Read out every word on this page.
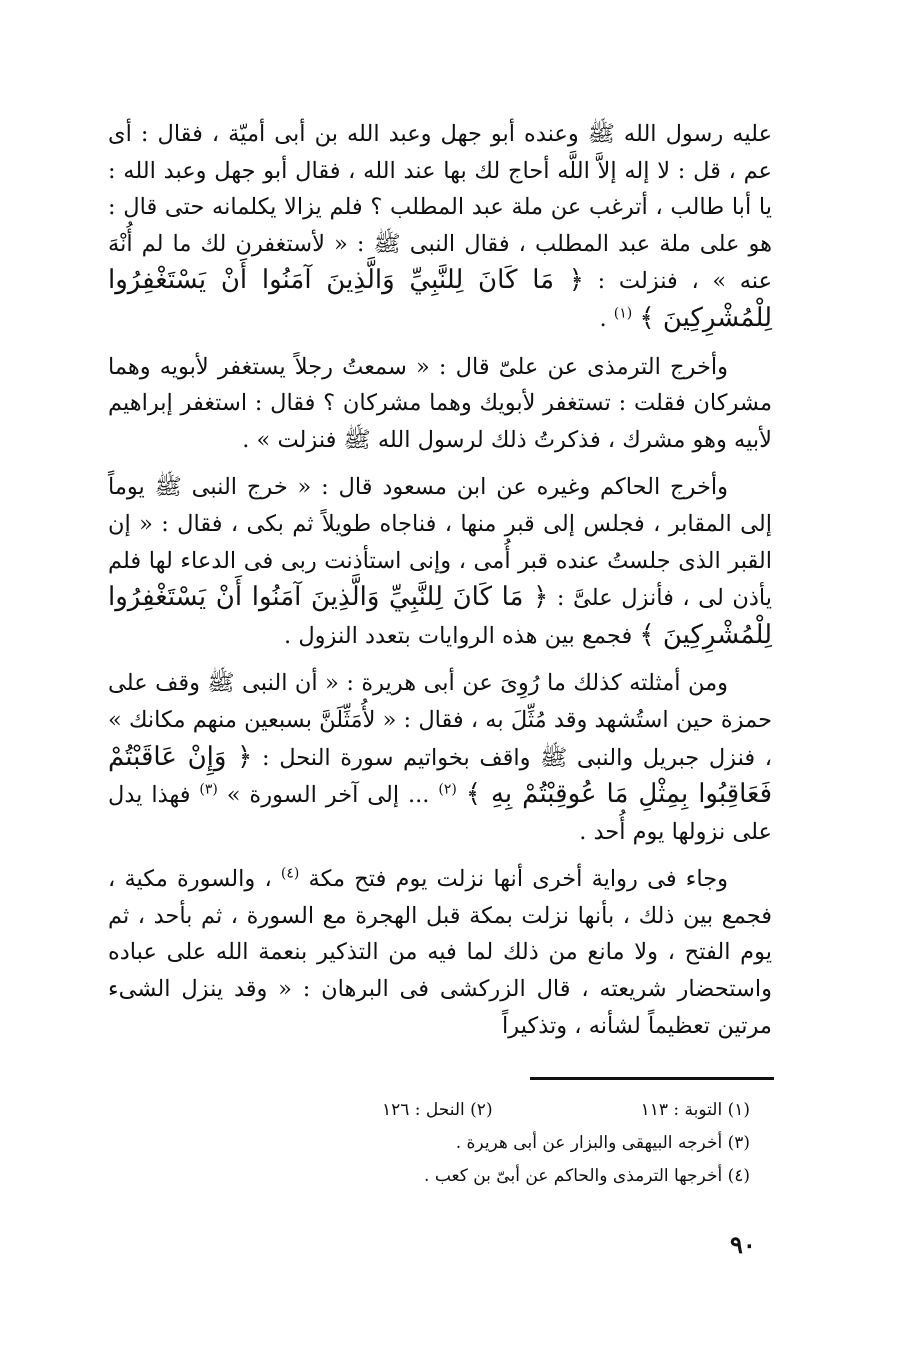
عليه رسول الله ﷺ وعنده أبو جهل وعبد الله بن أبى أميّة ، فقال : أى عم ، قل : لا إله إلاَّ اللَّه أحاج لك بها عند الله ، فقال أبو جهل وعبد الله : يا أبا طالب ، أترغب عن ملة عبد المطلب ؟ فلم يزالا يكلمانه حتى قال : هو على ملة عبد المطلب ، فقال النبى ﷺ : « لأستغفرن لك ما لم أُنْهَ عنه » ، فنزلت : ﴿ مَا كَانَ لِلنَّبِيِّ وَالَّذِينَ آمَنُوا أَنْ يَسْتَغْفِرُوا لِلْمُشْرِكِينَ ﴾ $^{(١)}$ .

وأخرج الترمذى عن علىّ قال : « سمعتُ رجلاً يستغفر لأبويه وهما مشركان فقلت : تستغفر لأبويك وهما مشركان ؟ فقال : استغفر إبراهيم لأبيه وهو مشرك ، فذكرتُ ذلك لرسول الله ﷺ فنزلت » .

وأخرج الحاكم وغيره عن ابن مسعود قال : « خرج النبى ﷺ يوماً إلى المقابر ، فجلس إلى قبر منها ، فناجاه طويلاً ثم بكى ، فقال : « إن القبر الذى جلستُ عنده قبر أُمى ، وإنى استأذنت ربى فى الدعاء لها فلم يأذن لى ، فأنزل علىَّ : ﴿ مَا كَانَ لِلنَّبِيِّ وَالَّذِينَ آمَنُوا أَنْ يَسْتَغْفِرُوا لِلْمُشْرِكِينَ ﴾ فجمع بين هذه الروايات بتعدد النزول .

ومن أمثلته كذلك ما رُوِىَ عن أبى هريرة : « أن النبى ﷺ وقف على حمزة حين استُشهد وقد مُثِّلَ به ، فقال : « لأُمَثِّلَنَّ بسبعين منهم مكانك » ، فنزل جبريل والنبى ﷺ واقف بخواتيم سورة النحل : ﴿ وَإِنْ عَاقَبْتُمْ فَعَاقِبُوا بِمِثْلِ مَا عُوقِبْتُمْ بِهِ ﴾ $^{(٢)}$ ... إلى آخر السورة » $^{(٣)}$ فهذا يدل على نزولها يوم أُحد .

وجاء فى رواية أخرى أنها نزلت يوم فتح مكة $^{(٤)}$ ، والسورة مكية ، فجمع بين ذلك ، بأنها نزلت بمكة قبل الهجرة مع السورة ، ثم بأحد ، ثم يوم الفتح ، ولا مانع من ذلك لما فيه من التذكير بنعمة الله على عباده واستحضار شريعته ، قال الزركشى فى البرهان : « وقد ينزل الشىء مرتين تعظيماً لشأنه ، وتذكيراً

(١) التوبة : ١١٣
(٢) النحل : ١٢٦
(٣) أخرجه البيهقى والبزار عن أبى هريرة .
(٤) أخرجها الترمذى والحاكم عن أبىّ بن كعب .
٩٠
